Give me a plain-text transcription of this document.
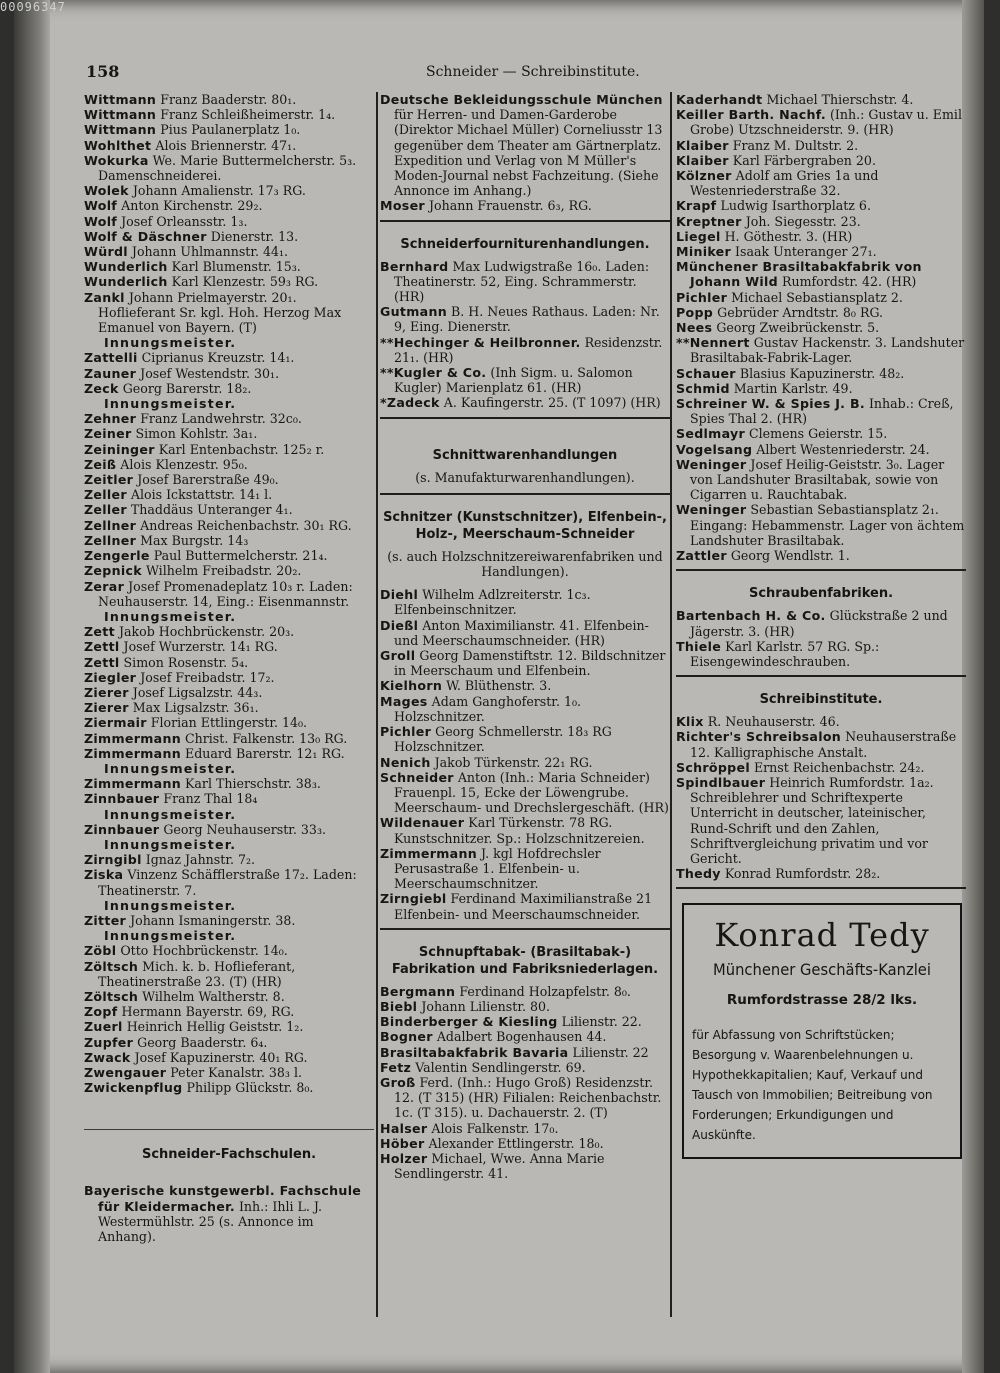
00096347
158	Schneider — Schreibinstitute.

Wittmann Franz Baaderstr. 80₁.

Wittmann Franz Schleißheimerstr. 1₄.

Wittmann Pius Paulanerplatz 1₀.

Wohlthet Alois Briennerstr. 47₁.

Wokurka We. Marie Buttermelcherstr. 5₃. Damenschneiderei.

Wolek Johann Amalienstr. 17₃ RG.

Wolf Anton Kirchenstr. 29₂.

Wolf Josef Orleansstr. 1₃.

Wolf & Däschner Dienerstr. 13.

Würdl Johann Uhlmannstr. 44₁.

Wunderlich Karl Blumenstr. 15₃.

Wunderlich Karl Klenzestr. 59₃ RG.

Zankl Johann Prielmayerstr. 20₁. Hoflieferant Sr. kgl. Hoh. Herzog Max Emanuel von Bayern. (T)

Innungsmeister.

Zattelli Ciprianus Kreuzstr. 14₁.

Zauner Josef Westendstr. 30₁.

Zeck Georg Barerstr. 18₂.

Innungsmeister.

Zehner Franz Landwehrstr. 32c₀.

Zeiner Simon Kohlstr. 3a₁.

Zeininger Karl Entenbachstr. 125₂ r.

Zeiß Alois Klenzestr. 95₀.

Zeitler Josef Barerstraße 49₀.

Zeller Alois Ickstattstr. 14₁ l.

Zeller Thaddäus Unteranger 4₁.

Zellner Andreas Reichenbachstr. 30₁ RG.

Zellner Max Burgstr. 14₃

Zengerle Paul Buttermelcherstr. 21₄.

Zepnick Wilhelm Freibadstr. 20₂.

Zerar Josef Promenadeplatz 10₃ r. Laden: Neuhauserstr. 14, Eing.: Eisenmannstr.

Innungsmeister.

Zett Jakob Hochbrückenstr. 20₃.

Zettl Josef Wurzerstr. 14₁ RG.

Zettl Simon Rosenstr. 5₄.

Ziegler Josef Freibadstr. 17₂.

Zierer Josef Ligsalzstr. 44₃.

Zierer Max Ligsalzstr. 36₁.

Ziermair Florian Ettlingerstr. 14₀.

Zimmermann Christ. Falkenstr. 13₀ RG.

Zimmermann Eduard Barerstr. 12₁ RG.

Innungsmeister.

Zimmermann Karl Thierschstr. 38₃.

Zinnbauer Franz Thal 18₄

Innungsmeister.

Zinnbauer Georg Neuhauserstr. 33₃.

Innungsmeister.

Zirngibl Ignaz Jahnstr. 7₂.

Ziska Vinzenz Schäfflerstraße 17₂. Laden: Theatinerstr. 7.

Innungsmeister.

Zitter Johann Ismaningerstr. 38.

Innungsmeister.

Zöbl Otto Hochbrückenstr. 14₀.

Zöltsch Mich. k. b. Hoflieferant, Theatinerstraße 23. (T) (HR)

Zöltsch Wilhelm Waltherstr. 8.

Zopf Hermann Bayerstr. 69, RG.

Zuerl Heinrich Hellig Geiststr. 1₂.

Zupfer Georg Baaderstr. 6₄.

Zwack Josef Kapuzinerstr. 40₁ RG.

Zwengauer Peter Kanalstr. 38₃ l.

Zwickenpflug Philipp Glückstr. 8₀.

Schneider-Fachschulen.

Bayerische kunstgewerbl. Fachschule für Kleidermacher. Inh.: Ihli L. J. Westermühlstr. 25 (s. Annonce im Anhang).

Deutsche Bekleidungsschule München für Herren- und Damen-Garderobe (Direktor Michael Müller) Corneliusstr 13 gegenüber dem Theater am Gärtnerplatz. Expedition und Verlag von M Müller's Moden-Journal nebst Fachzeitung. (Siehe Annonce im Anhang.)

Moser Johann Frauenstr. 6₃, RG.

Schneiderfourniturenhandlungen.

Bernhard Max Ludwigstraße 16₀. Laden: Theatinerstr. 52, Eing. Schrammerstr. (HR)

Gutmann B. H. Neues Rathaus. Laden: Nr. 9, Eing. Dienerstr.

**Hechinger & Heilbronner. Residenzstr. 21₁. (HR)

**Kugler & Co. (Inh Sigm. u. Salomon Kugler) Marienplatz 61. (HR)

*Zadeck A. Kaufingerstr. 25. (T 1097) (HR)

Schnittwarenhandlungen

(s. Manufakturwarenhandlungen).

Schnitzer (Kunstschnitzer), Elfenbein-, Holz-, Meerschaum-Schneider

(s. auch Holzschnitzereiwarenfabriken und Handlungen).

Diehl Wilhelm Adlzreiterstr. 1c₃. Elfenbeinschnitzer.

Dießl Anton Maximilianstr. 41. Elfenbein- und Meerschaumschneider. (HR)

Groll Georg Damenstiftstr. 12. Bildschnitzer in Meerschaum und Elfenbein.

Kielhorn W. Blüthenstr. 3.

Mages Adam Ganghoferstr. 1₀. Holzschnitzer.

Pichler Georg Schmellerstr. 18₃ RG Holzschnitzer.

Nenich Jakob Türkenstr. 22₁ RG.

Schneider Anton (Inh.: Maria Schneider) Frauenpl. 15, Ecke der Löwengrube. Meerschaum- und Drechslergeschäft. (HR)

Wildenauer Karl Türkenstr. 78 RG. Kunstschnitzer. Sp.: Holzschnitzereien.

Zimmermann J. kgl Hofdrechsler Perusastraße 1. Elfenbein- u. Meerschaumschnitzer.

Zirngiebl Ferdinand Maximilianstraße 21 Elfenbein- und Meerschaumschneider.

Schnupftabak- (Brasiltabak-) Fabrikation und Fabriksniederlagen.

Bergmann Ferdinand Holzapfelstr. 8₀.

Biebl Johann Lilienstr. 80.

Binderberger & Kiesling Lilienstr. 22.

Bogner Adalbert Bogenhausen 44.

Brasiltabakfabrik Bavaria Lilienstr. 22

Fetz Valentin Sendlingerstr. 69.

Groß Ferd. (Inh.: Hugo Groß) Residenzstr. 12. (T 315) (HR) Filialen: Reichenbachstr. 1c. (T 315). u. Dachauerstr. 2. (T)

Halser Alois Falkenstr. 17₀.

Höber Alexander Ettlingerstr. 18₀.

Holzer Michael, Wwe. Anna Marie Sendlingerstr. 41.

Kaderhandt Michael Thierschstr. 4.

Keiller Barth. Nachf. (Inh.: Gustav u. Emil Grobe) Utzschneiderstr. 9. (HR)

Klaiber Franz M. Dultstr. 2.

Klaiber Karl Färbergraben 20.

Kölzner Adolf am Gries 1a und Westenriederstraße 32.

Krapf Ludwig Isarthorplatz 6.

Kreptner Joh. Siegesstr. 23.

Liegel H. Göthestr. 3. (HR)

Miniker Isaak Unteranger 27₁.

Münchener Brasiltabakfabrik von Johann Wild Rumfordstr. 42. (HR)

Pichler Michael Sebastiansplatz 2.

Popp Gebrüder Arndtstr. 8₀ RG.

Nees Georg Zweibrückenstr. 5.

**Nennert Gustav Hackenstr. 3. Landshuter Brasiltabak-Fabrik-Lager.

Schauer Blasius Kapuzinerstr. 48₂.

Schmid Martin Karlstr. 49.

Schreiner W. & Spies J. B. Inhab.: Creß, Spies Thal 2. (HR)

Sedlmayr Clemens Geierstr. 15.

Vogelsang Albert Westenriederstr. 24.

Weninger Josef Heilig-Geiststr. 3₀. Lager von Landshuter Brasiltabak, sowie von Cigarren u. Rauchtabak.

Weninger Sebastian Sebastiansplatz 2₁. Eingang: Hebammenstr. Lager von ächtem Landshuter Brasiltabak.

Zattler Georg Wendlstr. 1.

Schraubenfabriken.

Bartenbach H. & Co. Glückstraße 2 und Jägerstr. 3. (HR)

Thiele Karl Karlstr. 57 RG. Sp.: Eisengewindeschrauben.

Schreibinstitute.

Klix R. Neuhauserstr. 46.

Richter's Schreibsalon Neuhauserstraße 12. Kalligraphische Anstalt.

Schröppel Ernst Reichenbachstr. 24₂.

Spindlbauer Heinrich Rumfordstr. 1a₂. Schreiblehrer und Schriftexperte Unterricht in deutscher, lateinischer, Rund-Schrift und den Zahlen, Schriftvergleichung privatim und vor Gericht.

Thedy Konrad Rumfordstr. 28₂.

Konrad Tedy
Münchener Geschäfts-Kanzlei
Rumfordstrasse 28/2 lks.
für Abfassung von Schriftstücken; Besorgung v. Waarenbelehnungen u. Hypothekkapitalien; Kauf, Verkauf und Tausch von Immobilien; Beitreibung von Forderungen; Erkundigungen und Auskünfte.
